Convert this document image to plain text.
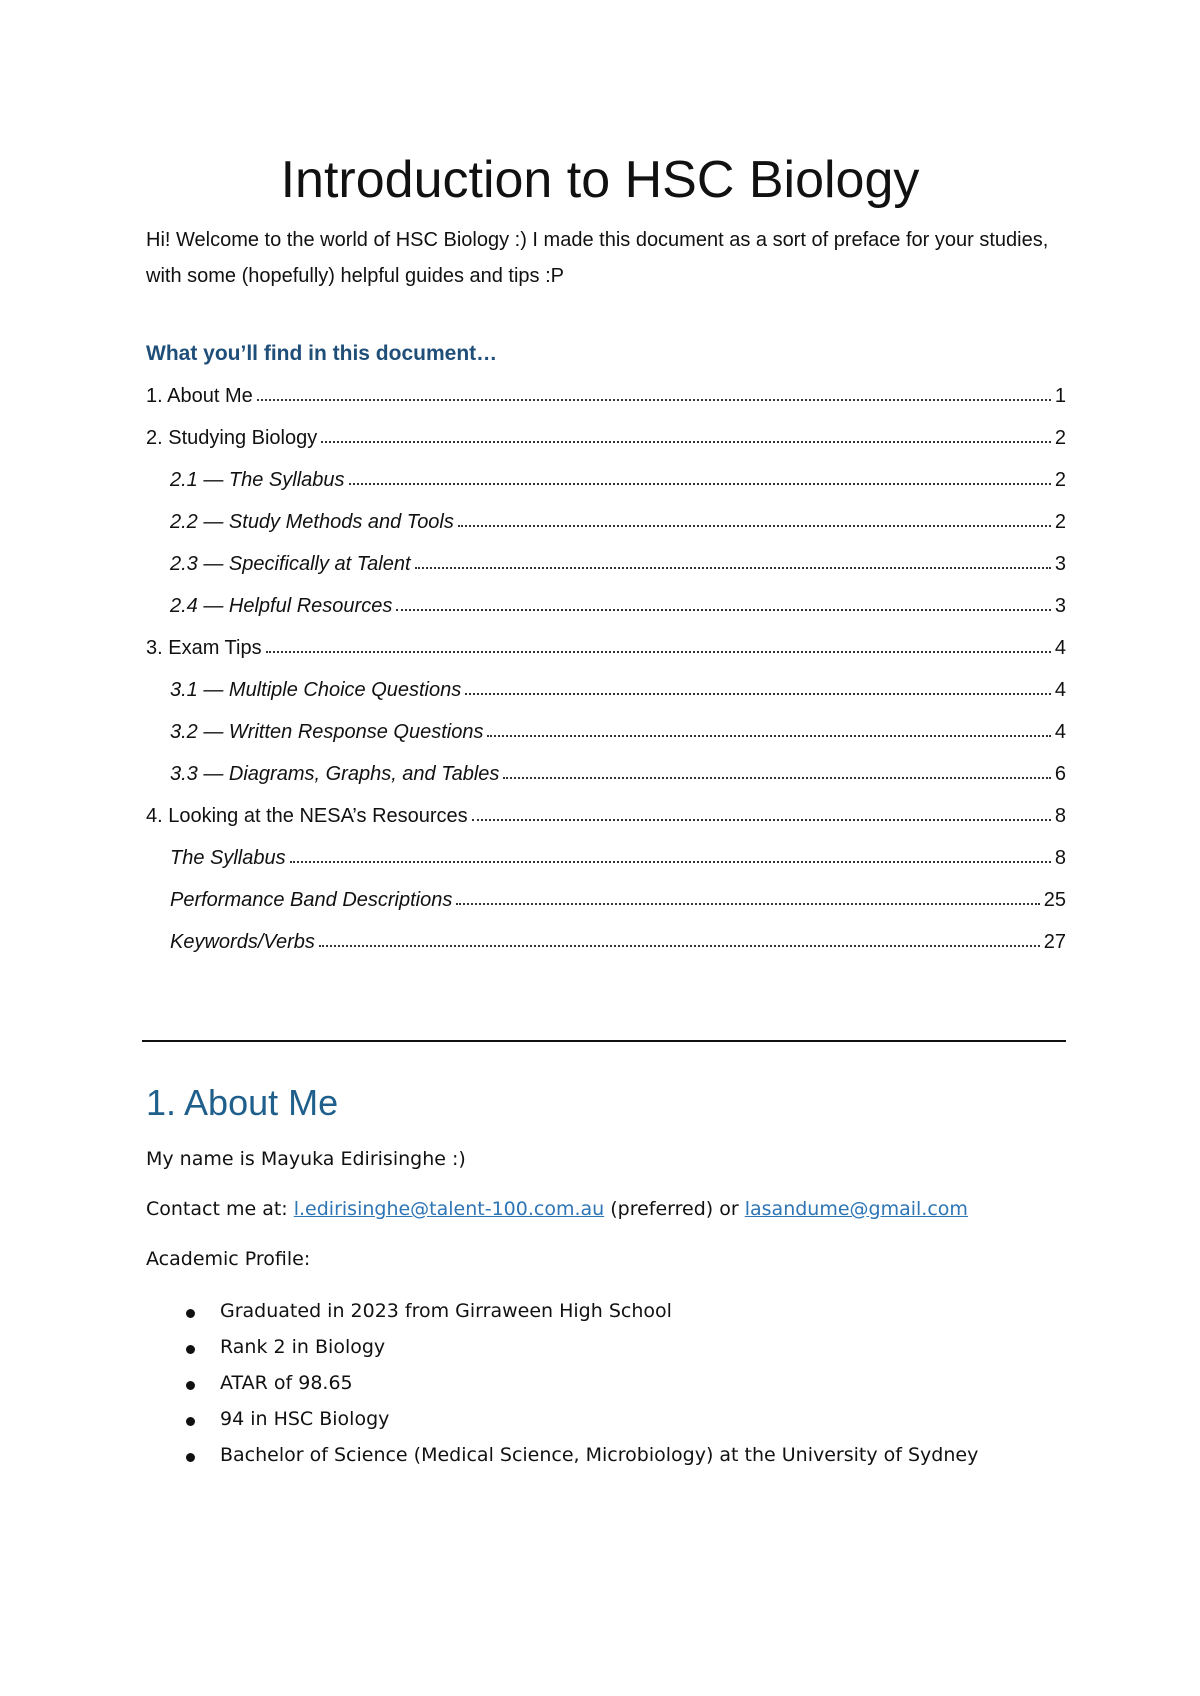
Introduction to HSC Biology

Hi! Welcome to the world of HSC Biology :) I made this document as a sort of preface for your studies, with some (hopefully) helpful guides and tips :P

What you’ll find in this document…
1. About Me	1
2. Studying Biology	2
2.1 — The Syllabus	2
2.2 — Study Methods and Tools	2
2.3 — Specifically at Talent	3
2.4 — Helpful Resources	3
3. Exam Tips	4
3.1 — Multiple Choice Questions	4
3.2 — Written Response Questions	4
3.3 — Diagrams, Graphs, and Tables	6
4. Looking at the NESA’s Resources	8
The Syllabus	8
Performance Band Descriptions	25
Keywords/Verbs	27
1. About Me

My name is Mayuka Edirisinghe :)

Contact me at: l.edirisinghe@talent-100.com.au (preferred) or lasandume@gmail.com

Academic Profile:

Graduated in 2023 from Girraween High School
Rank 2 in Biology
ATAR of 98.65
94 in HSC Biology
Bachelor of Science (Medical Science, Microbiology) at the University of Sydney
